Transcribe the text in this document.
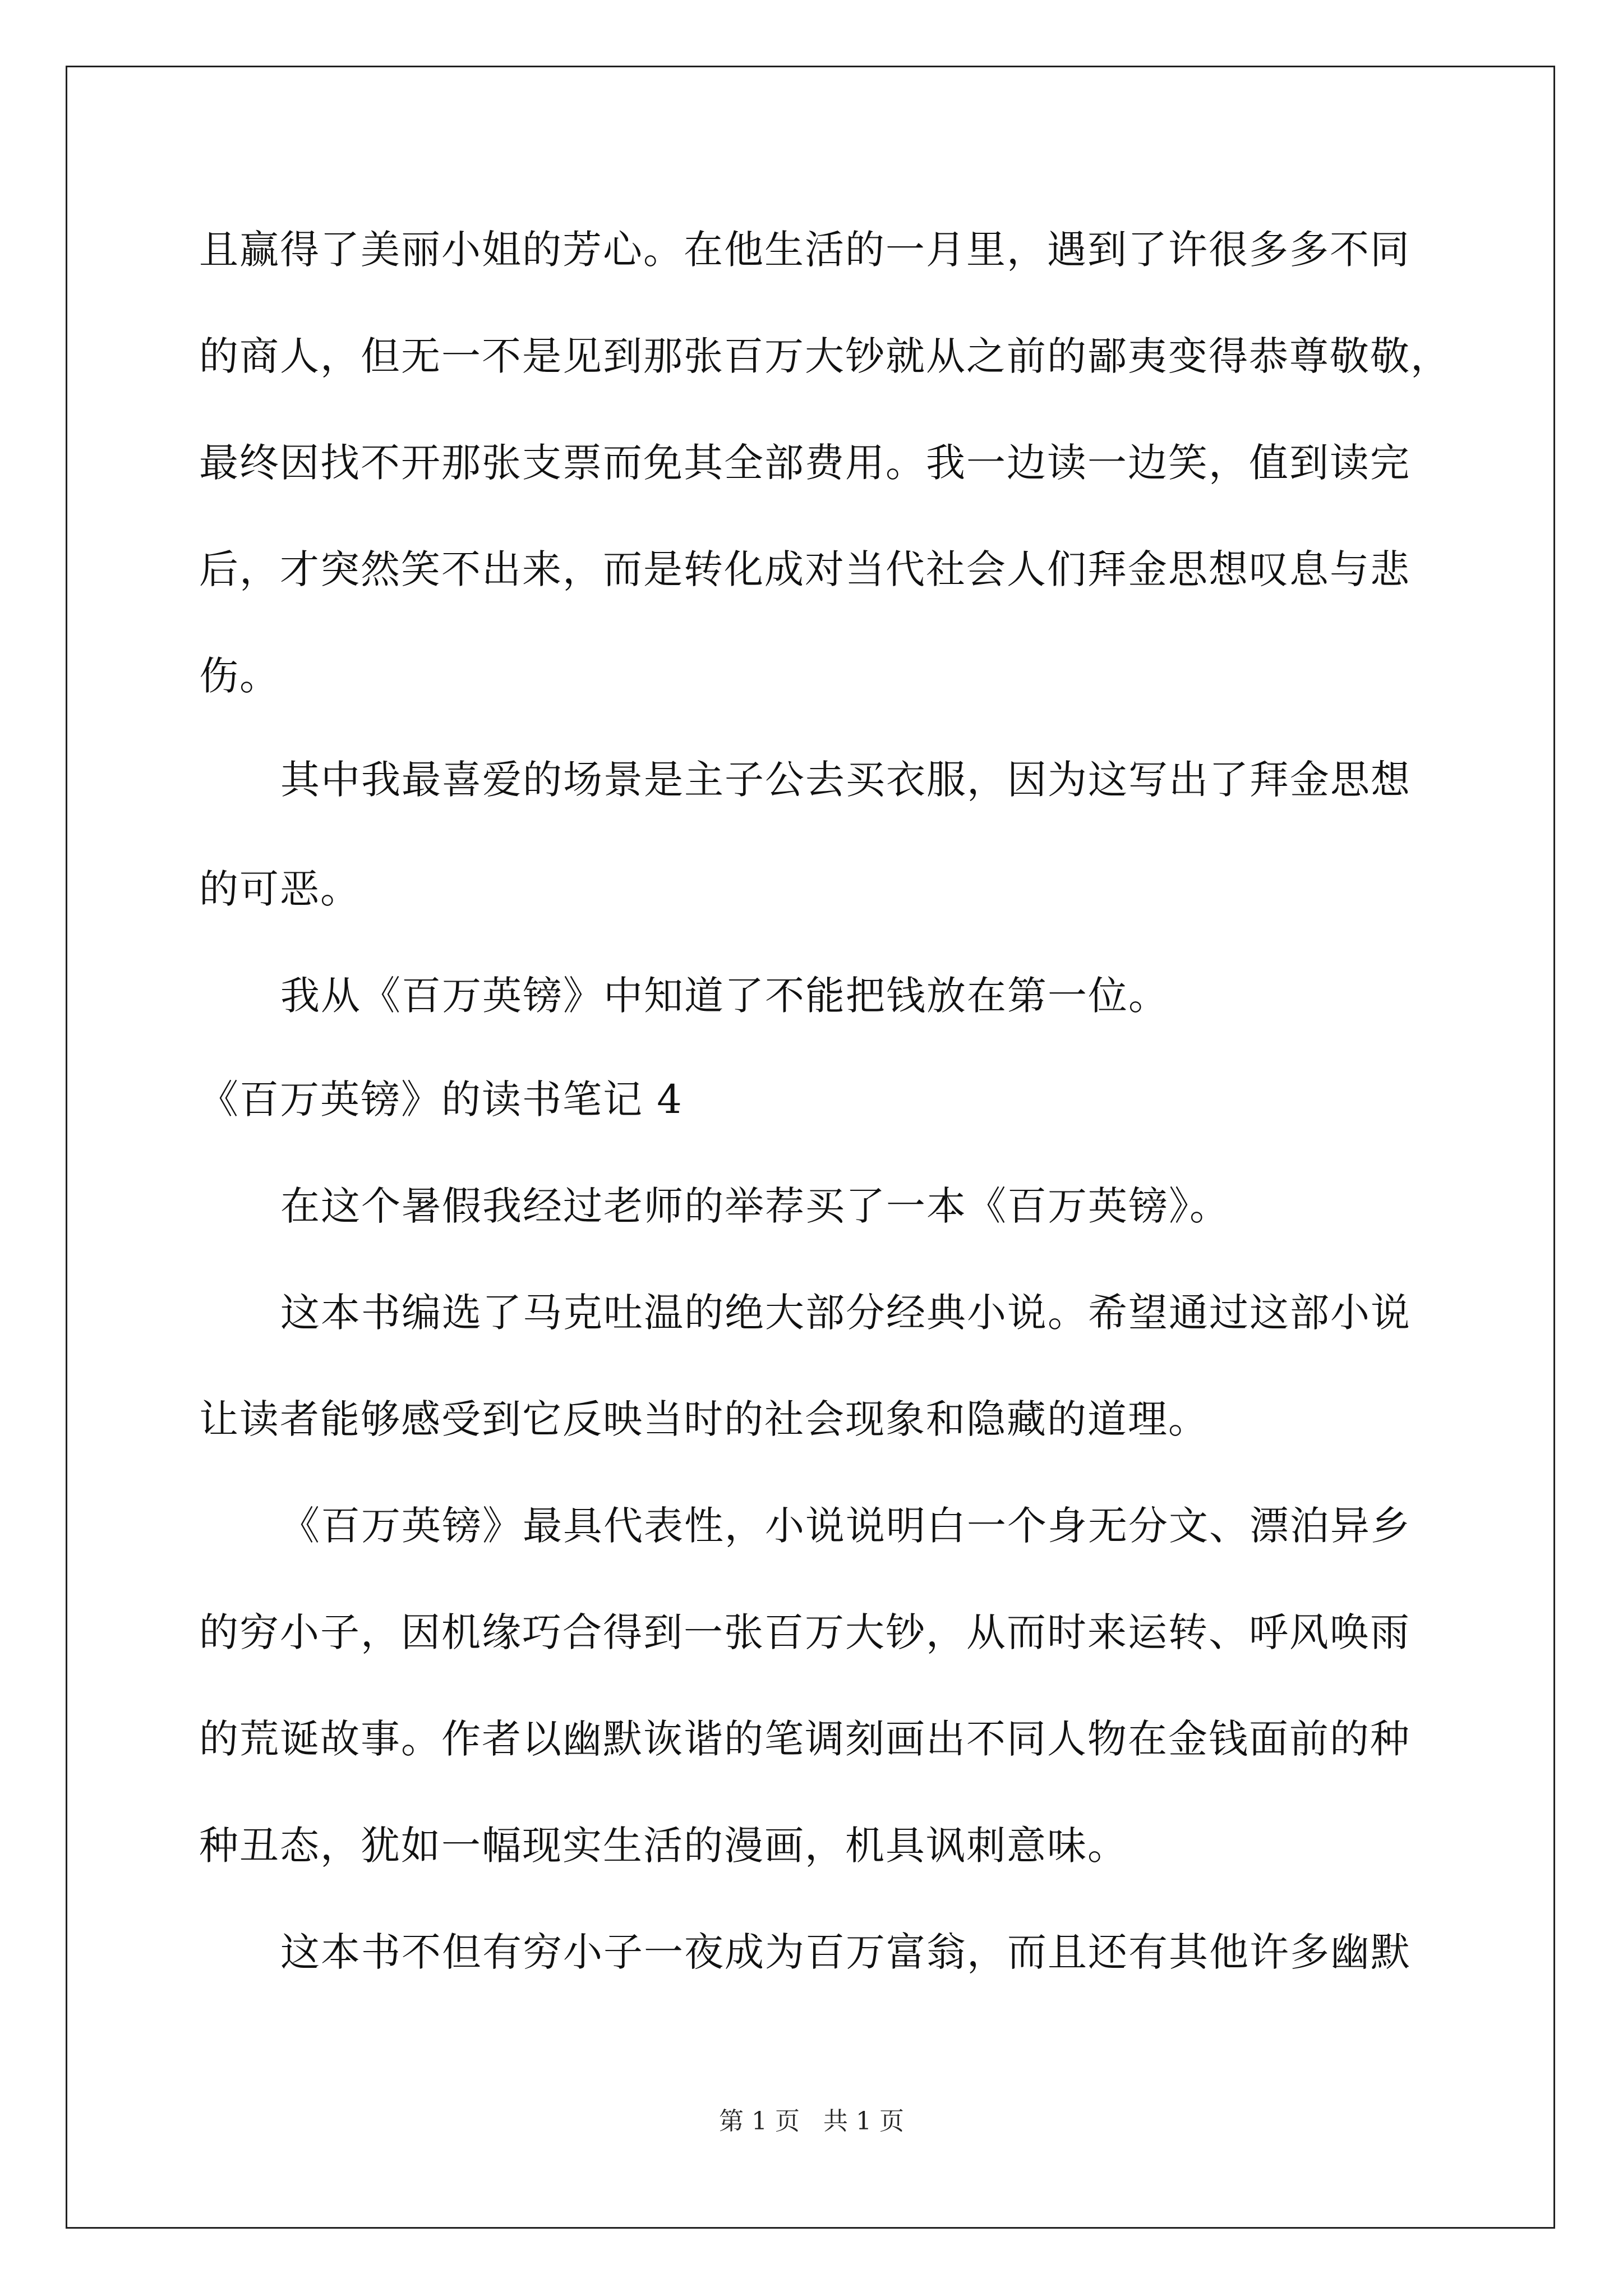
且赢得了美丽小姐的芳心。在他生活的一月里，遇到了许很多多不同
的商人，但无一不是见到那张百万大钞就从之前的鄙夷变得恭尊敬敬，
最终因找不开那张支票而免其全部费用。我一边读一边笑，值到读完
后，才突然笑不出来，而是转化成对当代社会人们拜金思想叹息与悲
伤。
其中我最喜爱的场景是主子公去买衣服，因为这写出了拜金思想
的可恶。
我从《百万英镑》中知道了不能把钱放在第一位。
《百万英镑》的读书笔记 4
在这个暑假我经过老师的举荐买了一本《百万英镑》。
这本书编选了马克吐温的绝大部分经典小说。希望通过这部小说
让读者能够感受到它反映当时的社会现象和隐藏的道理。
《百万英镑》最具代表性，小说说明白一个身无分文、漂泊异乡
的穷小子，因机缘巧合得到一张百万大钞，从而时来运转、呼风唤雨
的荒诞故事。作者以幽默诙谐的笔调刻画出不同人物在金钱面前的种
种丑态，犹如一幅现实生活的漫画，机具讽刺意味。
这本书不但有穷小子一夜成为百万富翁，而且还有其他许多幽默
第 1 页   共 1 页
